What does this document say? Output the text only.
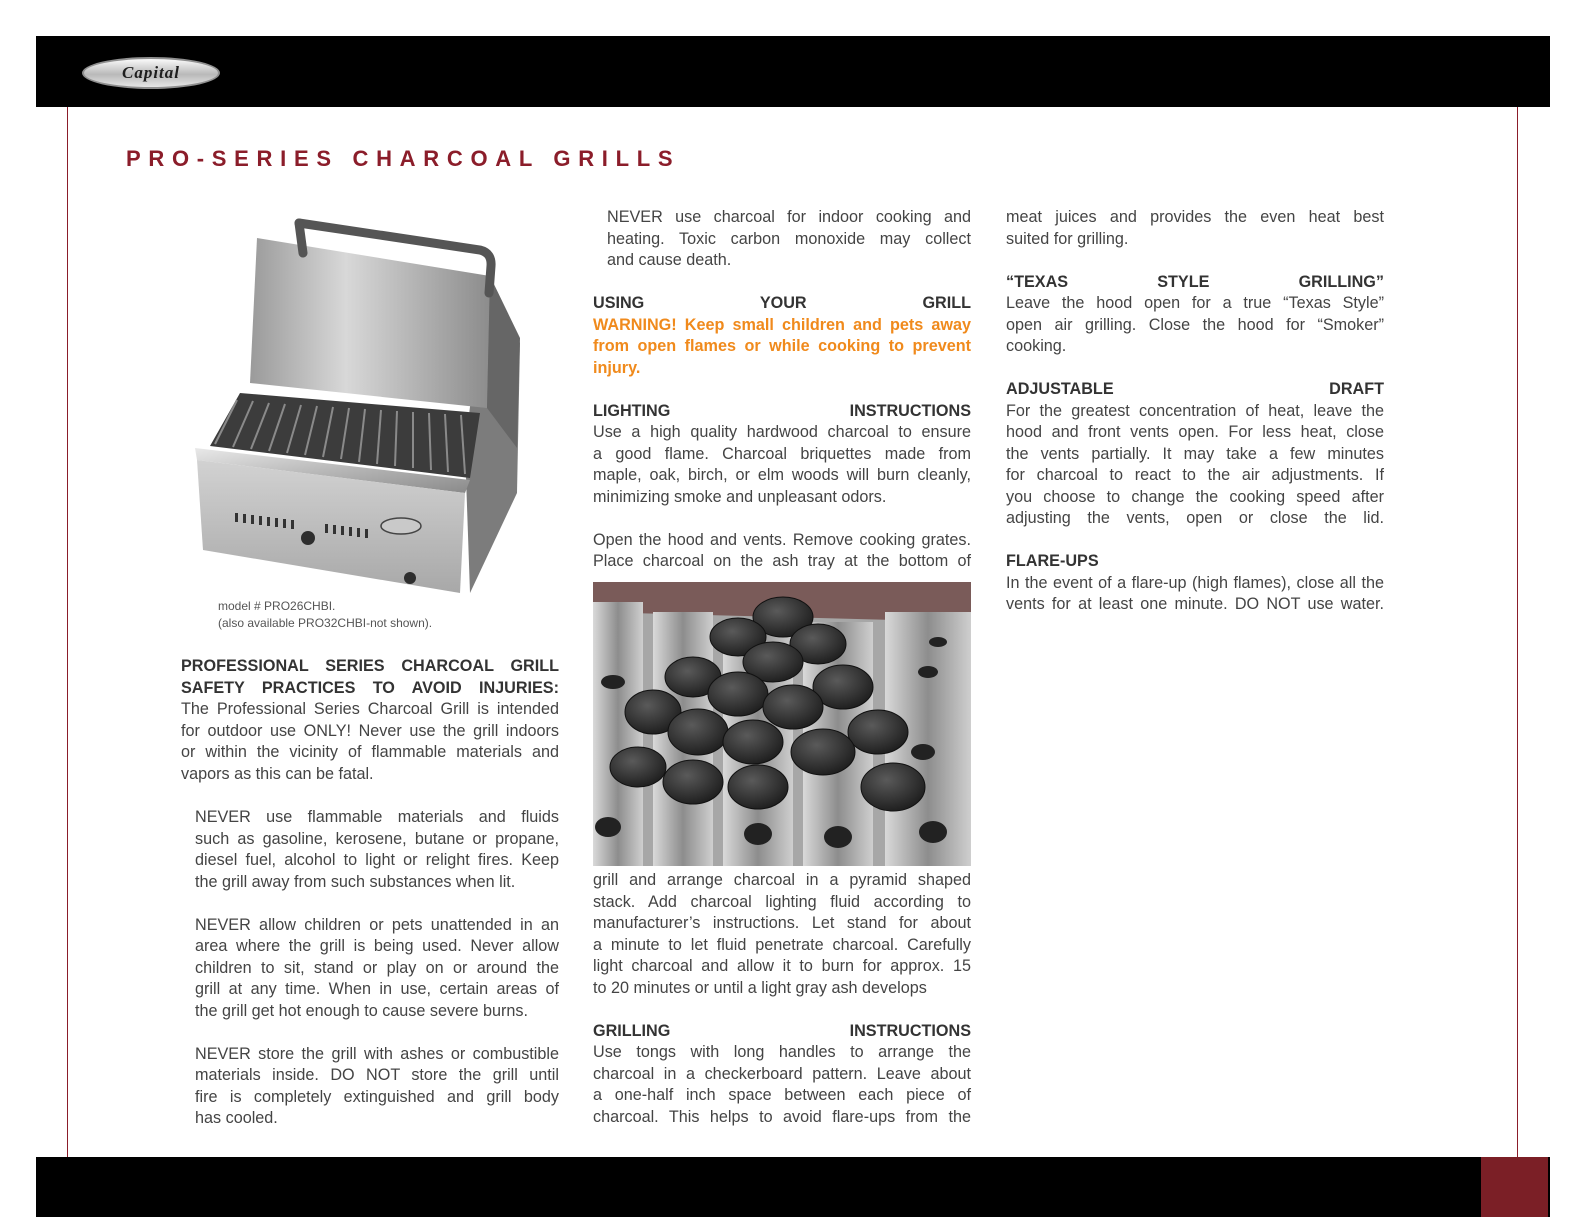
Capital
PRO-SERIES CHARCOAL GRILLS
model # PRO26CHBI.
(also available PRO32CHBI-not shown).

PROFESSIONAL SERIES CHARCOAL GRILL

SAFETY PRACTICES TO AVOID INJURIES:

The Professional Series Charcoal Grill is intended

for outdoor use ONLY! Never use the grill indoors

or within the vicinity of flammable materials and

vapors as this can be fatal.

NEVER use flammable materials and fluids

such as gasoline, kerosene, butane or propane,

diesel fuel, alcohol to light or relight fires. Keep

the grill away from such substances when lit.

NEVER allow children or pets unattended in an

area where the grill is being used. Never allow

children to sit, stand or play on or around the

grill at any time. When in use, certain areas of

the grill get hot enough to cause severe burns.

NEVER store the grill with ashes or combustible

materials inside. DO NOT store the grill until

fire is completely extinguished and grill body

has cooled.

NEVER use charcoal for indoor cooking and

heating. Toxic carbon monoxide may collect

and cause death.

USING YOUR GRILL

WARNING! Keep small children and pets away

from open flames or while cooking to prevent

injury.

LIGHTING INSTRUCTIONS

Use a high quality hardwood charcoal to ensure

a good flame. Charcoal briquettes made from

maple, oak, birch, or elm woods will burn cleanly,

minimizing smoke and unpleasant odors.

Open the hood and vents. Remove cooking grates.

Place charcoal on the ash tray at the bottom of

grill and arrange charcoal in a pyramid shaped

stack. Add charcoal lighting fluid according to

manufacturer’s instructions. Let stand for about

a minute to let fluid penetrate charcoal. Carefully

light charcoal and allow it to burn for approx. 15

to 20 minutes or until a light gray ash develops

GRILLING INSTRUCTIONS

Use tongs with long handles to arrange the

charcoal in a checkerboard pattern. Leave about

a one-half inch space between each piece of

charcoal. This helps to avoid flare-ups from the

meat juices and provides the even heat best

suited for grilling.

“TEXAS STYLE GRILLING”

Leave the hood open for a true “Texas Style”

open air grilling. Close the hood for “Smoker”

cooking.

ADJUSTABLE DRAFT

For the greatest concentration of heat, leave the

hood and front vents open. For less heat, close

the vents partially. It may take a few minutes

for charcoal to react to the air adjustments. If

you choose to change the cooking speed after

adjusting the vents, open or close the lid.

FLARE-UPS

In the event of a flare-up (high flames), close all the

vents for at least one minute. DO NOT use water.
